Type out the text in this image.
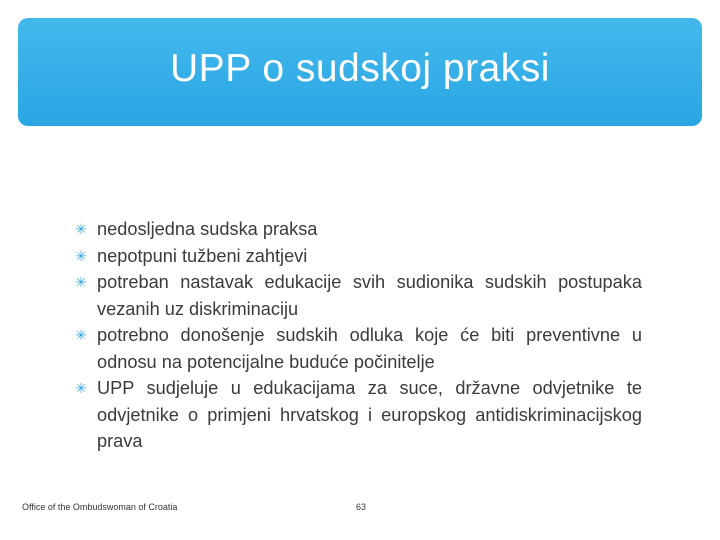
UPP o sudskoj praksi
✳ nedosljedna sudska praksa
✳ nepotpuni tužbeni zahtjevi
✳ potreban nastavak edukacije svih sudionika sudskih postupaka vezanih uz diskriminaciju
✳ potrebno donošenje sudskih odluka koje će biti preventivne u odnosu na potencijalne buduće počinitelje
✳ UPP sudjeluje u edukacijama za suce, državne odvjetnike te odvjetnike o primjeni hrvatskog i europskog antidiskriminacijskog prava
Office of the Ombudswoman of Croatia	63
